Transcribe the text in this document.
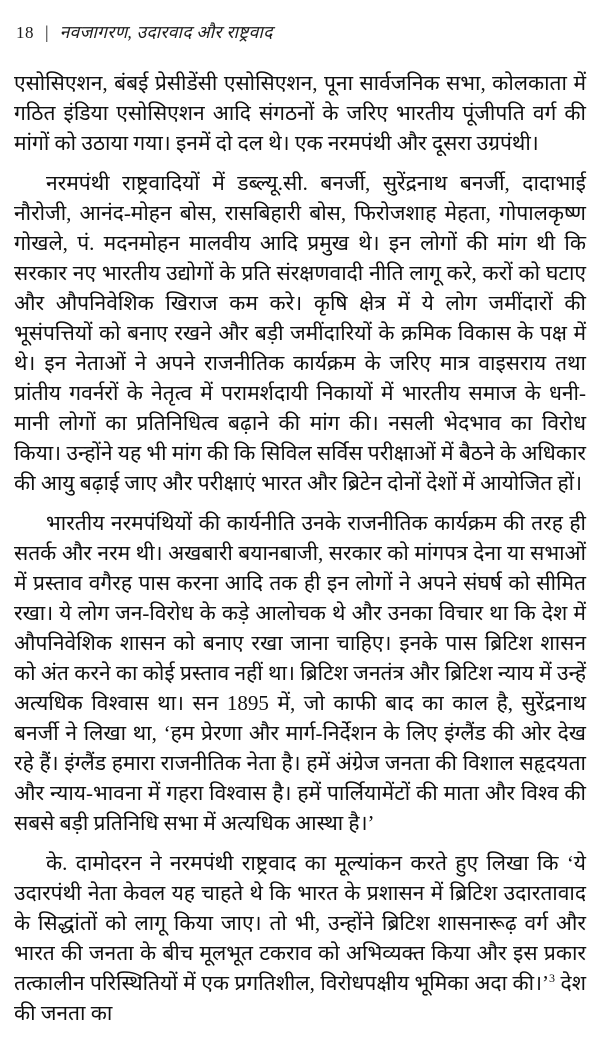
18 | नवजागरण, उदारवाद और राष्ट्रवाद

एसोसिएशन, बंबई प्रेसीडेंसी एसोसिएशन, पूना सार्वजनिक सभा, कोलकाता में गठित इंडिया एसोसिएशन आदि संगठनों के जरिए भारतीय पूंजीपति वर्ग की मांगों को उठाया गया। इनमें दो दल थे। एक नरमपंथी और दूसरा उग्रपंथी।

नरमपंथी राष्ट्रवादियों में डब्ल्यू.सी. बनर्जी, सुरेंद्रनाथ बनर्जी, दादाभाई नौरोजी, आनंद-मोहन बोस, रासबिहारी बोस, फिरोजशाह मेहता, गोपालकृष्ण गोखले, पं. मदनमोहन मालवीय आदि प्रमुख थे। इन लोगों की मांग थी कि सरकार नए भारतीय उद्योगों के प्रति संरक्षणवादी नीति लागू करे, करों को घटाए और औपनिवेशिक खिराज कम करे। कृषि क्षेत्र में ये लोग जमींदारों की भूसंपत्तियों को बनाए रखने और बड़ी जमींदारियों के क्रमिक विकास के पक्ष में थे। इन नेताओं ने अपने राजनीतिक कार्यक्रम के जरिए मात्र वाइसराय तथा प्रांतीय गवर्नरों के नेतृत्व में परामर्शदायी निकायों में भारतीय समाज के धनी-मानी लोगों का प्रतिनिधित्व बढ़ाने की मांग की। नसली भेदभाव का विरोध किया। उन्होंने यह भी मांग की कि सिविल सर्विस परीक्षाओं में बैठने के अधिकार की आयु बढ़ाई जाए और परीक्षाएं भारत और ब्रिटेन दोनों देशों में आयोजित हों।

भारतीय नरमपंथियों की कार्यनीति उनके राजनीतिक कार्यक्रम की तरह ही सतर्क और नरम थी। अखबारी बयानबाजी, सरकार को मांगपत्र देना या सभाओं में प्रस्ताव वगैरह पास करना आदि तक ही इन लोगों ने अपने संघर्ष को सीमित रखा। ये लोग जन-विरोध के कड़े आलोचक थे और उनका विचार था कि देश में औपनिवेशिक शासन को बनाए रखा जाना चाहिए। इनके पास ब्रिटिश शासन को अंत करने का कोई प्रस्ताव नहीं था। ब्रिटिश जनतंत्र और ब्रिटिश न्याय में उन्हें अत्यधिक विश्वास था। सन 1895 में, जो काफी बाद का काल है, सुरेंद्रनाथ बनर्जी ने लिखा था, ‘हम प्रेरणा और मार्ग-निर्देशन के लिए इंग्लैंड की ओर देख रहे हैं। इंग्लैंड हमारा राजनीतिक नेता है। हमें अंग्रेज जनता की विशाल सहृदयता और न्याय-भावना में गहरा विश्वास है। हमें पार्लियामेंटों की माता और विश्व की सबसे बड़ी प्रतिनिधि सभा में अत्यधिक आस्था है।’

के. दामोदरन ने नरमपंथी राष्ट्रवाद का मूल्यांकन करते हुए लिखा कि ‘ये उदारपंथी नेता केवल यह चाहते थे कि भारत के प्रशासन में ब्रिटिश उदारतावाद के सिद्धांतों को लागू किया जाए। तो भी, उन्होंने ब्रिटिश शासनारूढ़ वर्ग और भारत की जनता के बीच मूलभूत टकराव को अभिव्यक्त किया और इस प्रकार तत्कालीन परिस्थितियों में एक प्रगतिशील, विरोधपक्षीय भूमिका अदा की।’$^3$ देश की जनता का
